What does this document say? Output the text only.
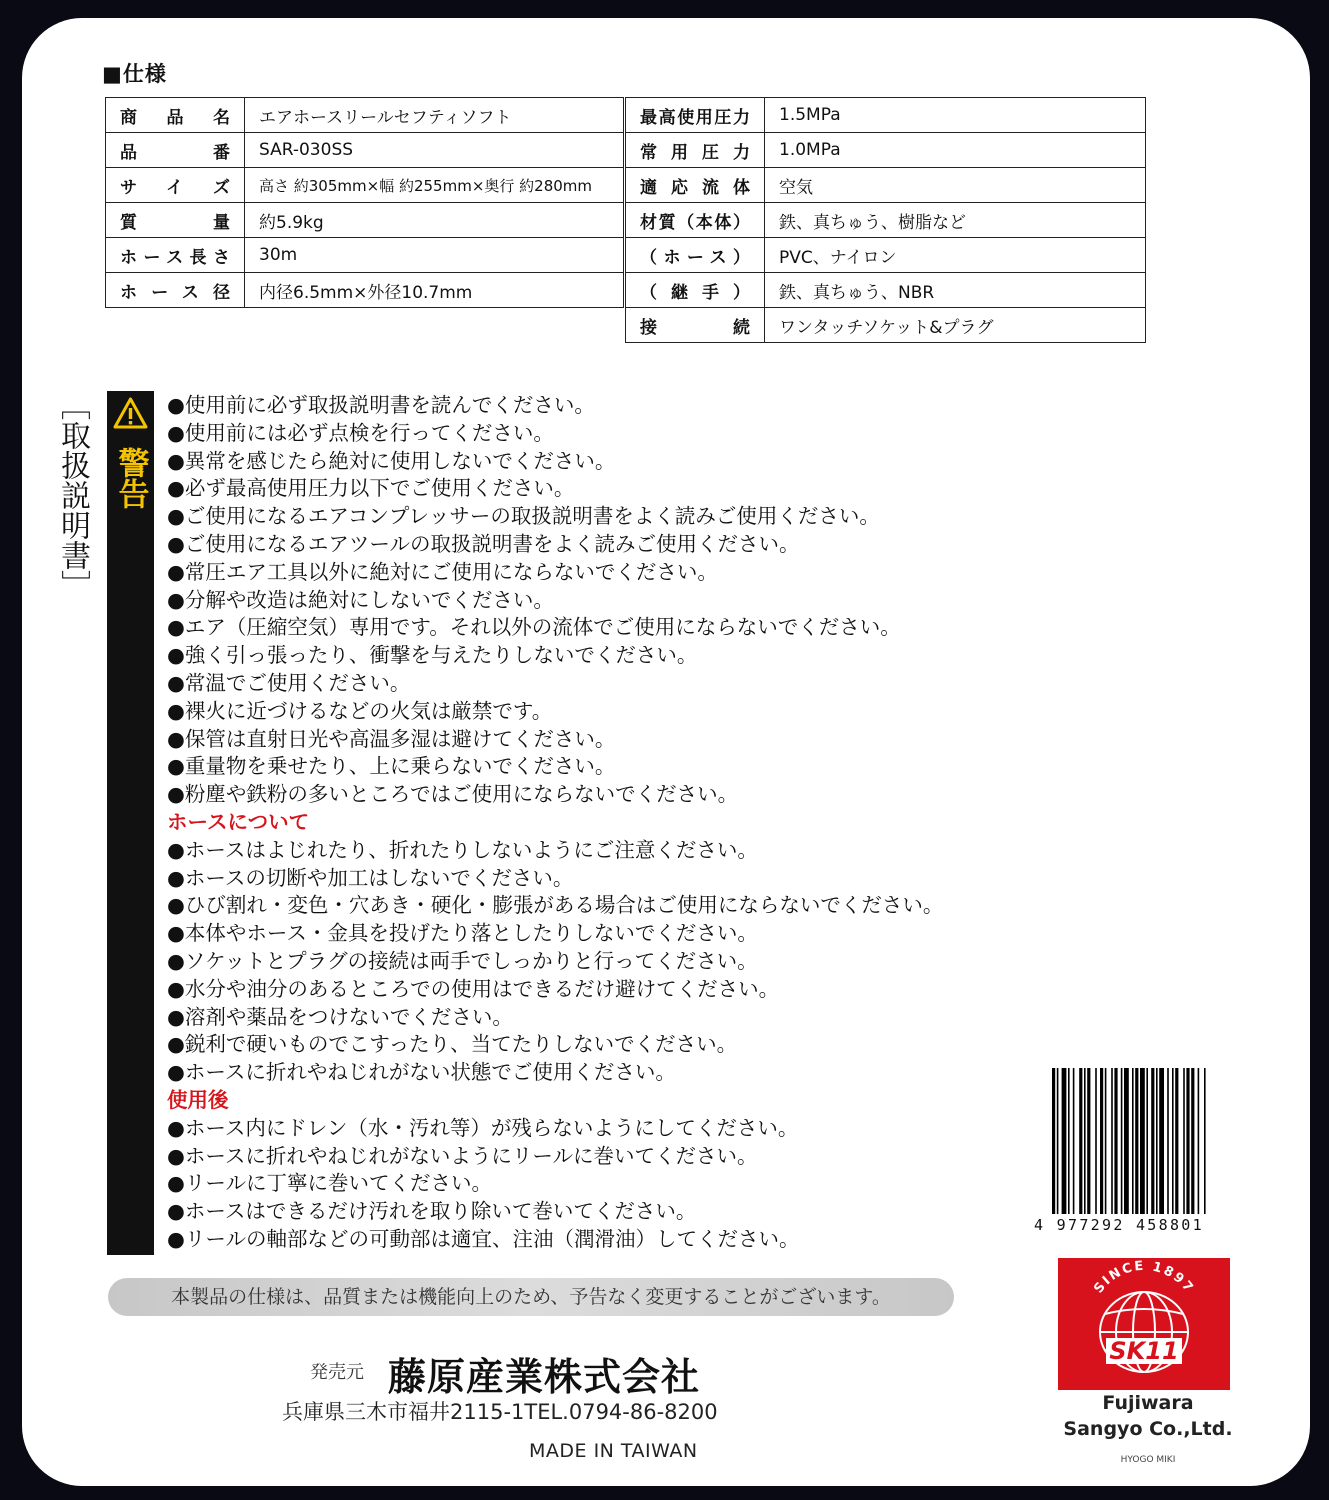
■仕様
商品名	エアホースリールセフティソフト
品番	SAR-030SS
サイズ	高さ 約305mm×幅 約255mm×奥行 約280mm
質量	約5.9kg
ホース長さ	30m
ホース径	内径6.5mm×外径10.7mm
最高使用圧力	1.5MPa
常用圧力	1.0MPa
適応流体	空気
材質（本体）	鉄、真ちゅう、樹脂など
（ホース）	PVC、ナイロン
（継手）	鉄、真ちゅう、NBR
接続	ワンタッチソケット&プラグ
［取扱説明書］ 警告
●使用前に必ず取扱説明書を読んでください。
●使用前には必ず点検を行ってください。
●異常を感じたら絶対に使用しないでください。
●必ず最高使用圧力以下でご使用ください。
●ご使用になるエアコンプレッサーの取扱説明書をよく読みご使用ください。
●ご使用になるエアツールの取扱説明書をよく読みご使用ください。
●常圧エア工具以外に絶対にご使用にならないでください。
●分解や改造は絶対にしないでください。
●エア（圧縮空気）専用です。それ以外の流体でご使用にならないでください。
●強く引っ張ったり、衝撃を与えたりしないでください。
●常温でご使用ください。
●裸火に近づけるなどの火気は厳禁です。
●保管は直射日光や高温多湿は避けてください。
●重量物を乗せたり、上に乗らないでください。
●粉塵や鉄粉の多いところではご使用にならないでください。
ホースについて
●ホースはよじれたり、折れたりしないようにご注意ください。
●ホースの切断や加工はしないでください。
●ひび割れ・変色・穴あき・硬化・膨張がある場合はご使用にならないでください。
●本体やホース・金具を投げたり落としたりしないでください。
●ソケットとプラグの接続は両手でしっかりと行ってください。
●水分や油分のあるところでの使用はできるだけ避けてください。
●溶剤や薬品をつけないでください。
●鋭利で硬いものでこすったり、当てたりしないでください。
●ホースに折れやねじれがない状態でご使用ください。
使用後
●ホース内にドレン（水・汚れ等）が残らないようにしてください。
●ホースに折れやねじれがないようにリールに巻いてください。
●リールに丁寧に巻いてください。
●ホースはできるだけ汚れを取り除いて巻いてください。
●リールの軸部などの可動部は適宜、注油（潤滑油）してください。
本製品の仕様は、品質または機能向上のため、予告なく変更することがございます。
発売元 藤原産業株式会社
兵庫県三木市福井2115-1TEL.0794-86-8200
MADE IN TAIWAN
4 977292 458801
SINCE 1897
SK11
Fujiwara
Sangyo Co.,Ltd.
HYOGO MIKI
